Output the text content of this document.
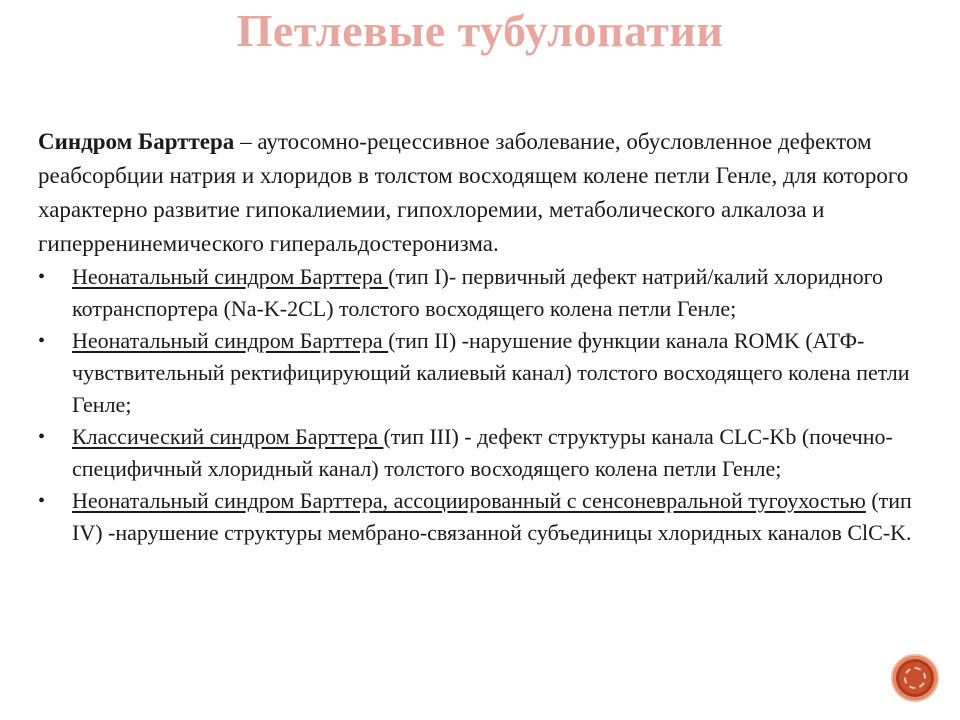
Петлевые тубулопатии
Синдром Барттера – аутосомно-рецессивное заболевание, обусловленное дефектом реабсорбции натрия и хлоридов в толстом восходящем колене петли Генле, для которого характерно развитие гипокалиемии, гипохлоремии, метаболического алкалоза и гиперренинемического гиперальдостеронизма.
• Неонатальный синдром Барттера (тип I)- первичный дефект натрий/калий хлоридного котранспортера (Na-K-2CL) толстого восходящего колена петли Генле;
• Неонатальный синдром Барттера (тип II) -нарушение функции канала ROMK (АТФ-чувствительный ректифицирующий калиевый канал) толстого восходящего колена петли Генле;
• Классический синдром Барттера (тип III) - дефект структуры канала CLC-Kb (почечно-специфичный хлоридный канал) толстого восходящего колена петли Генле;
• Неонатальный синдром Барттера, ассоциированный с сенсоневральной тугоухостью (тип IV) -нарушение структуры мембрано-связанной субъединицы хлоридных каналов ClC-K.
